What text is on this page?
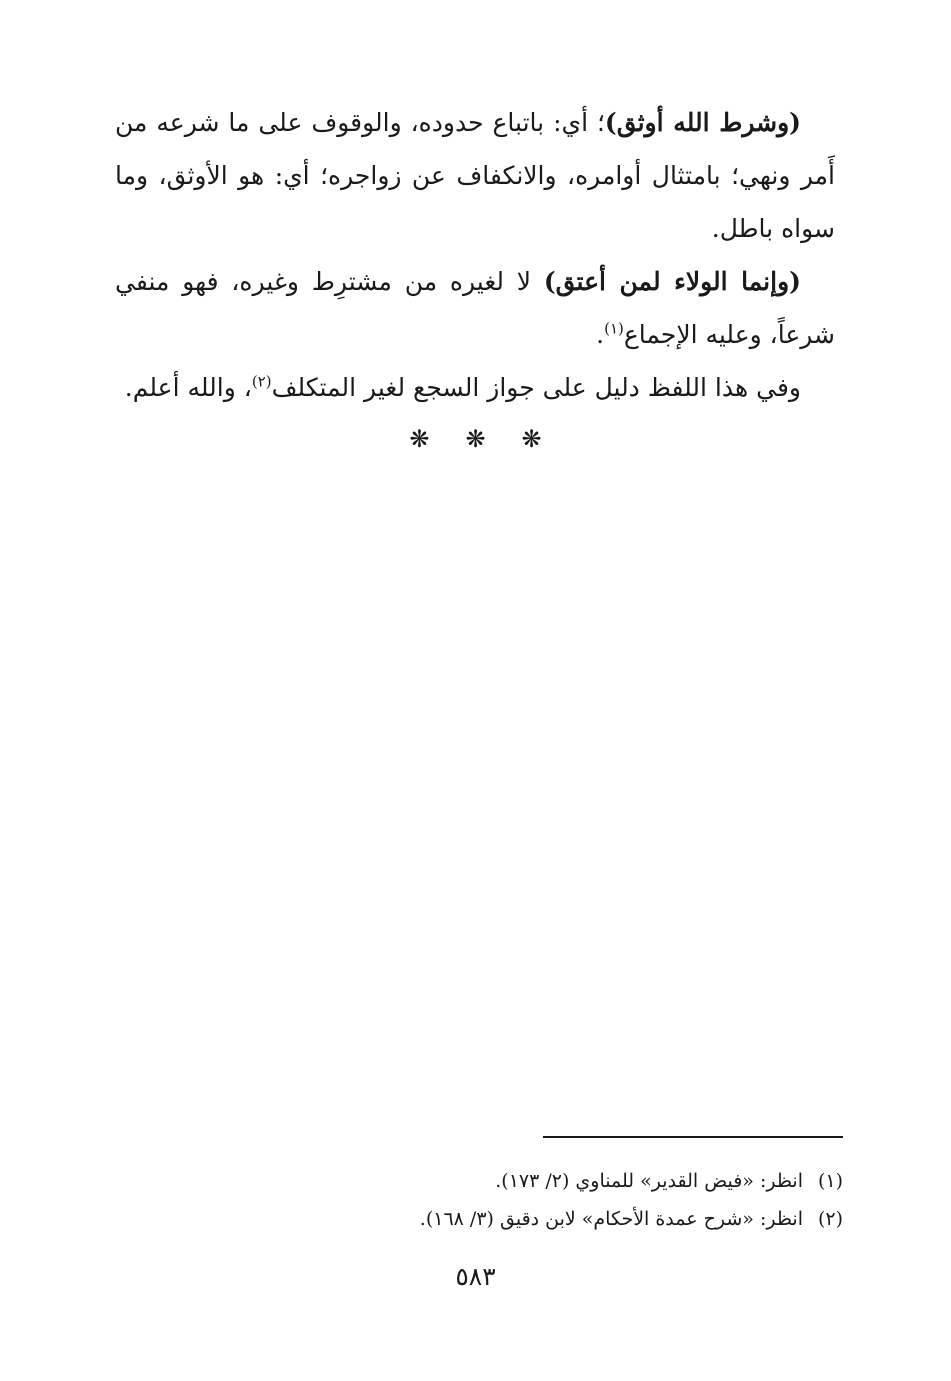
(وشرط الله أوثق)؛ أي: باتباع حدوده، والوقوف على ما شرعه من أَمر ونهي؛ بامتثال أوامره، والانكفاف عن زواجره؛ أي: هو الأوثق، وما سواه باطل.

(وإنما الولاء لمن أعتق) لا لغيره من مشترِط وغيره، فهو منفي شرعاً، وعليه الإجماع$^{(١)}$.

وفي هذا اللفظ دليل على جواز السجع لغير المتكلف$^{(٢)}$، والله أعلم.

❋❋❋

(١)انظر: «فيض القدير» للمناوي (٢/ ١٧٣).

(٢)انظر: «شرح عمدة الأحكام» لابن دقيق (٣/ ١٦٨).

٥٨٣
